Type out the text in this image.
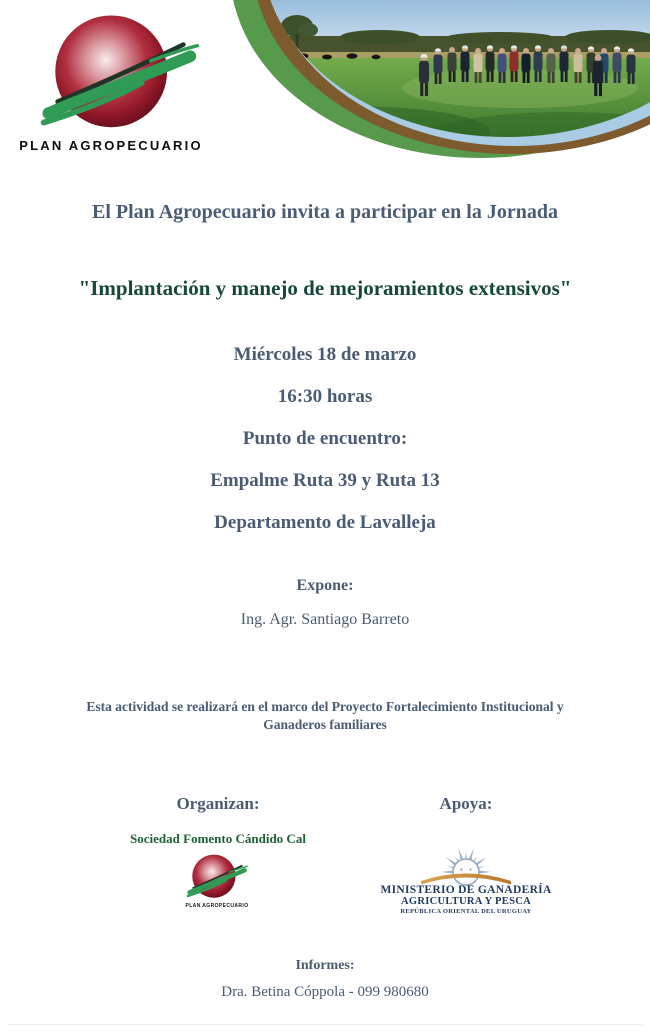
PLAN AGROPECUARIO
El Plan Agropecuario invita a participar en la Jornada
"Implantación y manejo de mejoramientos extensivos"
Miércoles 18 de marzo
16:30 horas
Punto de encuentro:
Empalme Ruta 39 y Ruta 13
Departamento de Lavalleja
Expone:
Ing. Agr. Santiago Barreto
Esta actividad se realizará en el marco del Proyecto Fortalecimiento Institucional y
Ganaderos familiares
Organizan:
Sociedad Fomento Cándido Cal
PLAN AGROPECUARIO
Apoya:
MINISTERIO DE GANADERÍA
AGRICULTURA Y PESCA
REPÚBLICA ORIENTAL DEL URUGUAY
Informes:
Dra. Betina Cóppola - 099 980680
